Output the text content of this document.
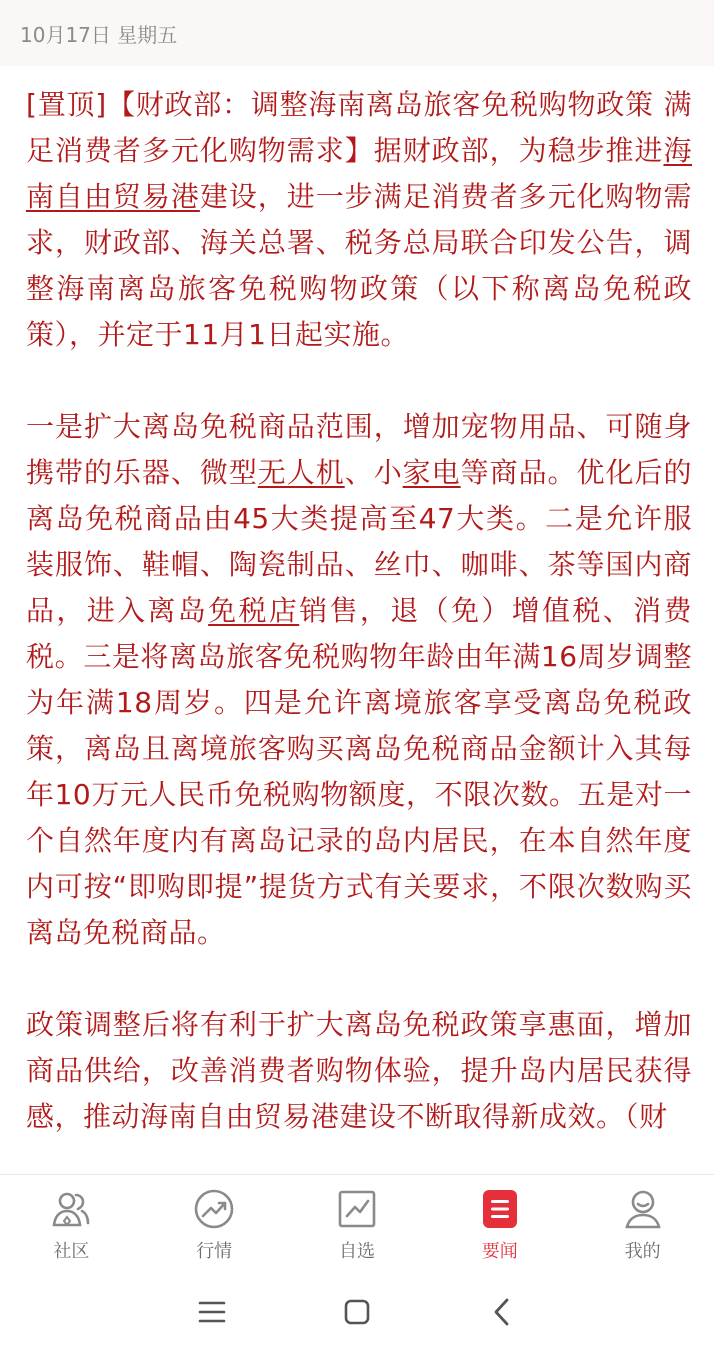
10月17日 星期五

[置顶]【财政部：调整海南离岛旅客免税购物政策 满足消费者多元化购物需求】据财政部，为稳步推进海南自由贸易港建设，进一步满足消费者多元化购物需求，财政部、海关总署、税务总局联合印发公告，调整海南离岛旅客免税购物政策（以下称离岛免税政策），并定于11月1日起实施。

一是扩大离岛免税商品范围，增加宠物用品、可随身携带的乐器、微型无人机、小家电等商品。优化后的离岛免税商品由45大类提高至47大类。二是允许服装服饰、鞋帽、陶瓷制品、丝巾、咖啡、茶等国内商品，进入离岛免税店销售，退（免）增值税、消费税。三是将离岛旅客免税购物年龄由年满16周岁调整为年满18周岁。四是允许离境旅客享受离岛免税政策，离岛且离境旅客购买离岛免税商品金额计入其每年10万元人民币免税购物额度，不限次数。五是对一个自然年度内有离岛记录的岛内居民，在本自然年度内可按“即购即提”提货方式有关要求，不限次数购买离岛免税商品。

政策调整后将有利于扩大离岛免税政策享惠面，增加商品供给，改善消费者购物体验，提升岛内居民获得感，推动海南自由贸易港建设不断取得新成效。（财

社区	行情	自选	要闻	我的
